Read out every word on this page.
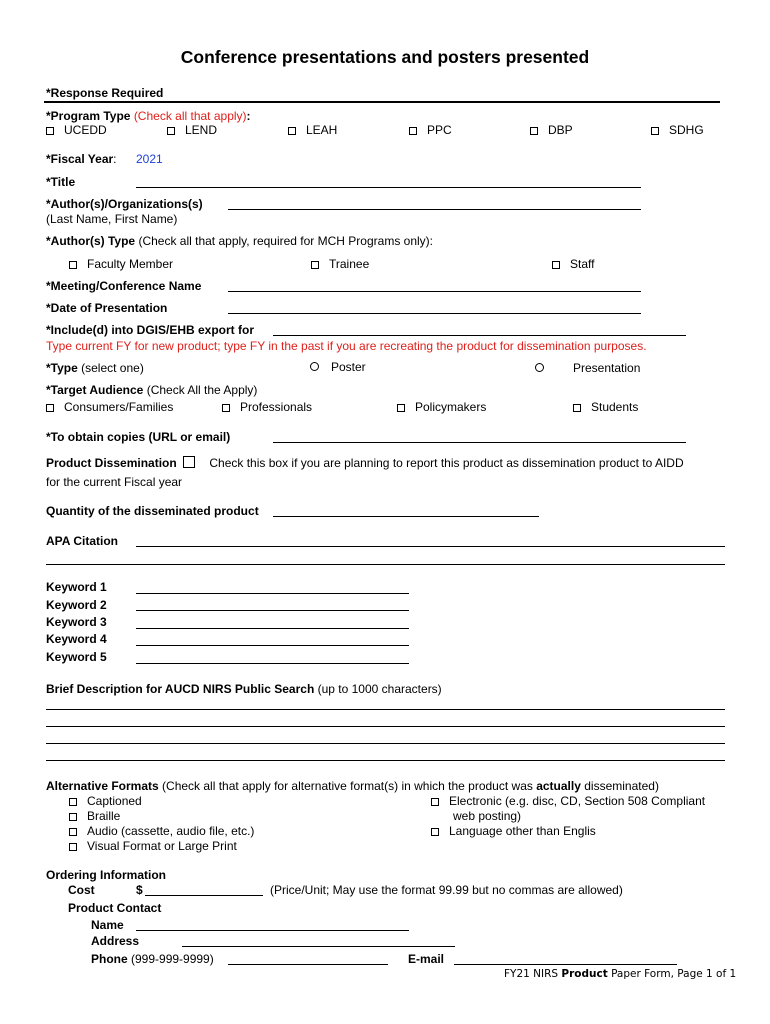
Conference presentations and posters presented
*Response Required
*Program Type (Check all that apply):
UCEDD	LEND	LEAH	PPC	DBP	SDHG
*Fiscal Year: 2021
*Title
*Author(s)/Organizations(s)
(Last Name, First Name)
*Author(s) Type (Check all that apply, required for MCH Programs only):
Faculty Member	Trainee	Staff
*Meeting/Conference Name
*Date of Presentation
*Include(d) into DGIS/EHB export for
Type current FY for new product; type FY in the past if you are recreating the product for dissemination purposes.
*Type (select one)	Poster	Presentation
*Target Audience (Check All the Apply)
Consumers/Families	Professionals	Policymakers	Students
*To obtain copies (URL or email)
Product Dissemination	Check this box if you are planning to report this product as dissemination product to AIDD
for the current Fiscal year
Quantity of the disseminated product
APA Citation
Keyword 1
Keyword 2
Keyword 3
Keyword 4
Keyword 5
Brief Description for AUCD NIRS Public Search (up to 1000 characters)
Alternative Formats (Check all that apply for alternative format(s) in which the product was actually disseminated)
Captioned
Braille
Audio (cassette, audio file, etc.)
Visual Format or Large Print
Electronic (e.g. disc, CD, Section 508 Compliant
web posting)
Language other than Englis
Ordering Information
Cost	$	(Price/Unit; May use the format 99.99 but no commas are allowed)
Product Contact
Name
Address
Phone (999-999-9999)	E-mail
FY21 NIRS Product Paper Form, Page 1 of 1
